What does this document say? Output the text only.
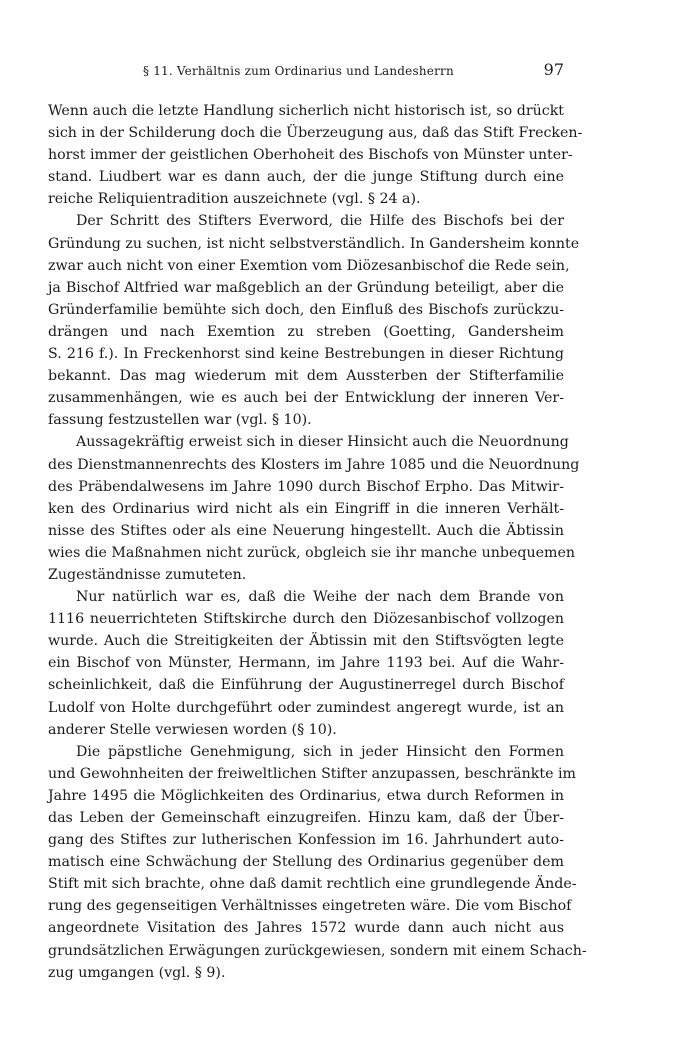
§ 11. Verhältnis zum Ordinarius und Landesherrn	97
Wenn auch die letzte Handlung sicherlich nicht historisch ist, so drückt
sich in der Schilderung doch die Überzeugung aus, daß das Stift Frecken-
horst immer der geistlichen Oberhoheit des Bischofs von Münster unter-
stand. Liudbert war es dann auch, der die junge Stiftung durch eine
reiche Reliquientradition auszeichnete (vgl. § 24 a).
Der Schritt des Stifters Everword, die Hilfe des Bischofs bei der
Gründung zu suchen, ist nicht selbstverständlich. In Gandersheim konnte
zwar auch nicht von einer Exemtion vom Diözesanbischof die Rede sein,
ja Bischof Altfried war maßgeblich an der Gründung beteiligt, aber die
Gründerfamilie bemühte sich doch, den Einfluß des Bischofs zurückzu-
drängen und nach Exemtion zu streben (Goetting, Gandersheim
S. 216 f.). In Freckenhorst sind keine Bestrebungen in dieser Richtung
bekannt. Das mag wiederum mit dem Aussterben der Stifterfamilie
zusammenhängen, wie es auch bei der Entwicklung der inneren Ver-
fassung festzustellen war (vgl. § 10).
Aussagekräftig erweist sich in dieser Hinsicht auch die Neuordnung
des Dienstmannenrechts des Klosters im Jahre 1085 und die Neuordnung
des Präbendalwesens im Jahre 1090 durch Bischof Erpho. Das Mitwir-
ken des Ordinarius wird nicht als ein Eingriff in die inneren Verhält-
nisse des Stiftes oder als eine Neuerung hingestellt. Auch die Äbtissin
wies die Maßnahmen nicht zurück, obgleich sie ihr manche unbequemen
Zugeständnisse zumuteten.
Nur natürlich war es, daß die Weihe der nach dem Brande von
1116 neuerrichteten Stiftskirche durch den Diözesanbischof vollzogen
wurde. Auch die Streitigkeiten der Äbtissin mit den Stiftsvögten legte
ein Bischof von Münster, Hermann, im Jahre 1193 bei. Auf die Wahr-
scheinlichkeit, daß die Einführung der Augustinerregel durch Bischof
Ludolf von Holte durchgeführt oder zumindest angeregt wurde, ist an
anderer Stelle verwiesen worden (§ 10).
Die päpstliche Genehmigung, sich in jeder Hinsicht den Formen
und Gewohnheiten der freiweltlichen Stifter anzupassen, beschränkte im
Jahre 1495 die Möglichkeiten des Ordinarius, etwa durch Reformen in
das Leben der Gemeinschaft einzugreifen. Hinzu kam, daß der Über-
gang des Stiftes zur lutherischen Konfession im 16. Jahrhundert auto-
matisch eine Schwächung der Stellung des Ordinarius gegenüber dem
Stift mit sich brachte, ohne daß damit rechtlich eine grundlegende Ände-
rung des gegenseitigen Verhältnisses eingetreten wäre. Die vom Bischof
angeordnete Visitation des Jahres 1572 wurde dann auch nicht aus
grundsätzlichen Erwägungen zurückgewiesen, sondern mit einem Schach-
zug umgangen (vgl. § 9).
